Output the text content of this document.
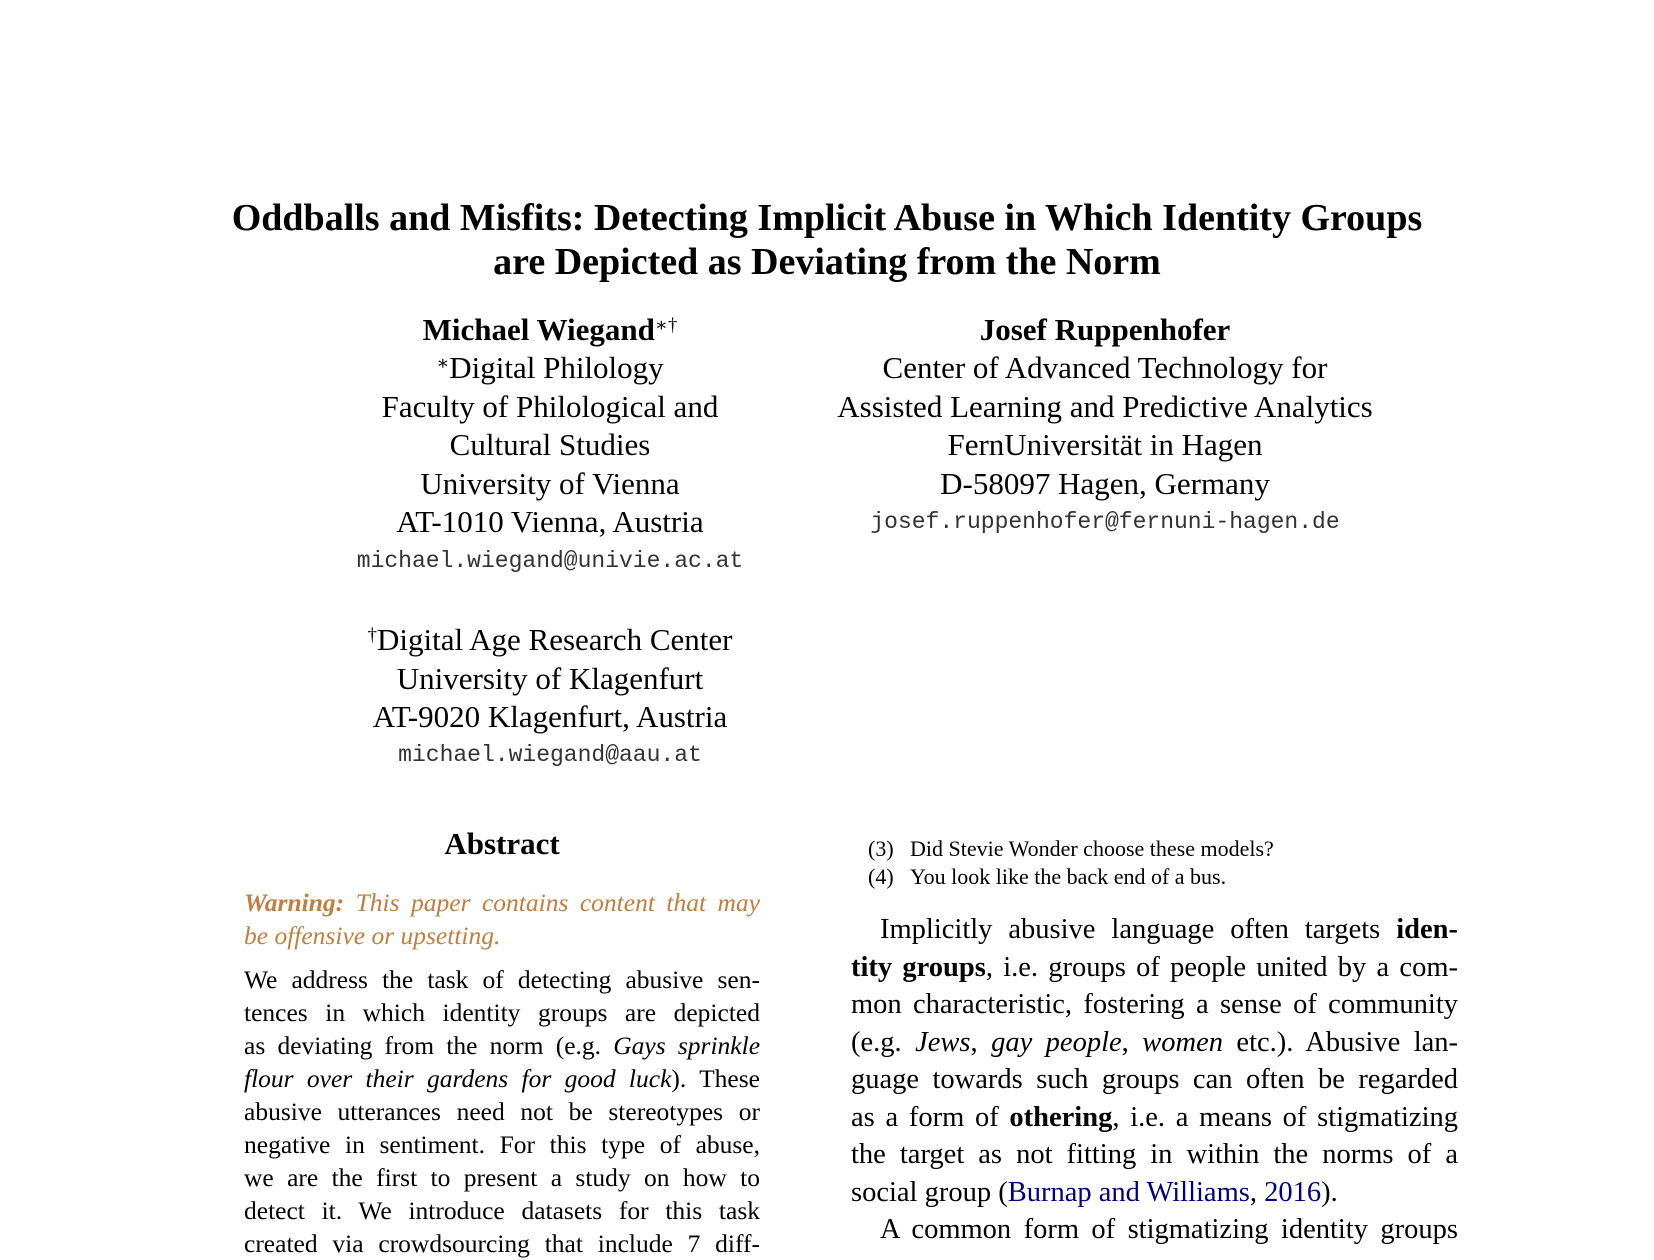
Oddballs and Misfits: Detecting Implicit Abuse in Which Identity Groups
are Depicted as Deviating from the Norm
Michael Wiegand∗†
∗Digital Philology
Faculty of Philological and
Cultural Studies
University of Vienna
AT-1010 Vienna, Austria
michael.wiegand@univie.ac.at
†Digital Age Research Center
University of Klagenfurt
AT-9020 Klagenfurt, Austria
michael.wiegand@aau.at
Josef Ruppenhofer
Center of Advanced Technology for
Assisted Learning and Predictive Analytics
FernUniversität in Hagen
D-58097 Hagen, Germany
josef.ruppenhofer@fernuni-hagen.de
Abstract
Warning: This paper contains content that may
be offensive or upsetting.
We address the task of detecting abusive sen-
tences in which identity groups are depicted
as deviating from the norm (e.g. Gays sprinkle
flour over their gardens for good luck). These
abusive utterances need not be stereotypes or
negative in sentiment. For this type of abuse,
we are the first to present a study on how to
detect it. We introduce datasets for this task
created via crowdsourcing that include 7 diff-
(3) Did Stevie Wonder choose these models?
(4) You look like the back end of a bus.
Implicitly abusive language often targets iden-
tity groups, i.e. groups of people united by a com-
mon characteristic, fostering a sense of community
(e.g. Jews, gay people, women etc.). Abusive lan-
guage towards such groups can often be regarded
as a form of othering, i.e. a means of stigmatizing
the target as not fitting in within the norms of a
social group (Burnap and Williams, 2016).
A common form of stigmatizing identity groups
